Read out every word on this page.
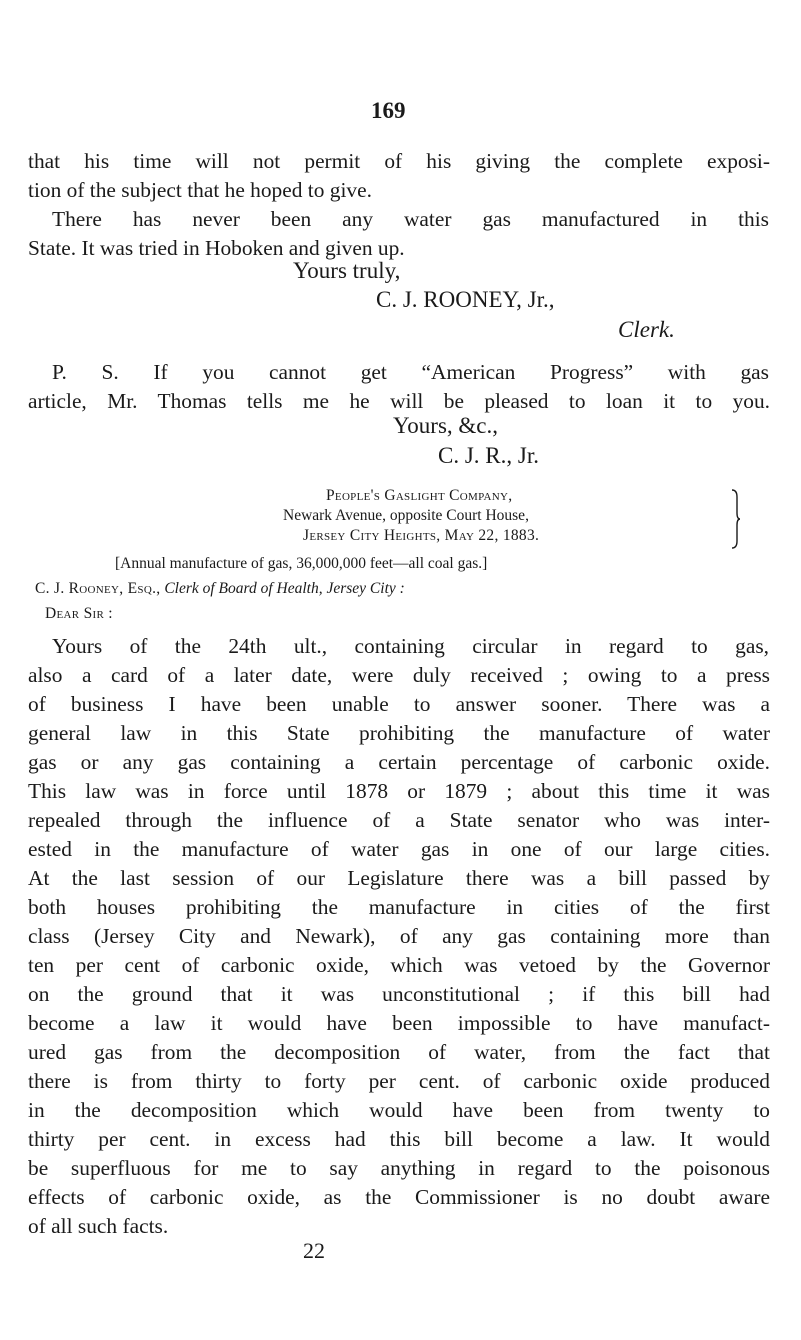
169
that his time will not permit of his giving the complete exposi-
tion of the subject that he hoped to give.
There has never been any water gas manufactured in this
State. It was tried in Hoboken and given up.
Yours truly,
C. J. ROONEY, Jr.,
Clerk.
P. S. If you cannot get “American Progress” with gas
article, Mr. Thomas tells me he will be pleased to loan it to you.
Yours, &c.,
C. J. R., Jr.
People's Gaslight Company,
Newark Avenue, opposite Court House,
Jersey City Heights, May 22, 1883.
[Annual manufacture of gas, 36,000,000 feet—all coal gas.]
C. J. Rooney, Esq., Clerk of Board of Health, Jersey City :
Dear Sir :
Yours of the 24th ult., containing circular in regard to gas,
also a card of a later date, were duly received ; owing to a press
of business I have been unable to answer sooner. There was a
general law in this State prohibiting the manufacture of water
gas or any gas containing a certain percentage of carbonic oxide.
This law was in force until 1878 or 1879 ; about this time it was
repealed through the influence of a State senator who was inter-
ested in the manufacture of water gas in one of our large cities.
At the last session of our Legislature there was a bill passed by
both houses prohibiting the manufacture in cities of the first
class (Jersey City and Newark), of any gas containing more than
ten per cent of carbonic oxide, which was vetoed by the Governor
on the ground that it was unconstitutional ; if this bill had
become a law it would have been impossible to have manufact-
ured gas from the decomposition of water, from the fact that
there is from thirty to forty per cent. of carbonic oxide produced
in the decomposition which would have been from twenty to
thirty per cent. in excess had this bill become a law. It would
be superfluous for me to say anything in regard to the poisonous
effects of carbonic oxide, as the Commissioner is no doubt aware
of all such facts.
22
